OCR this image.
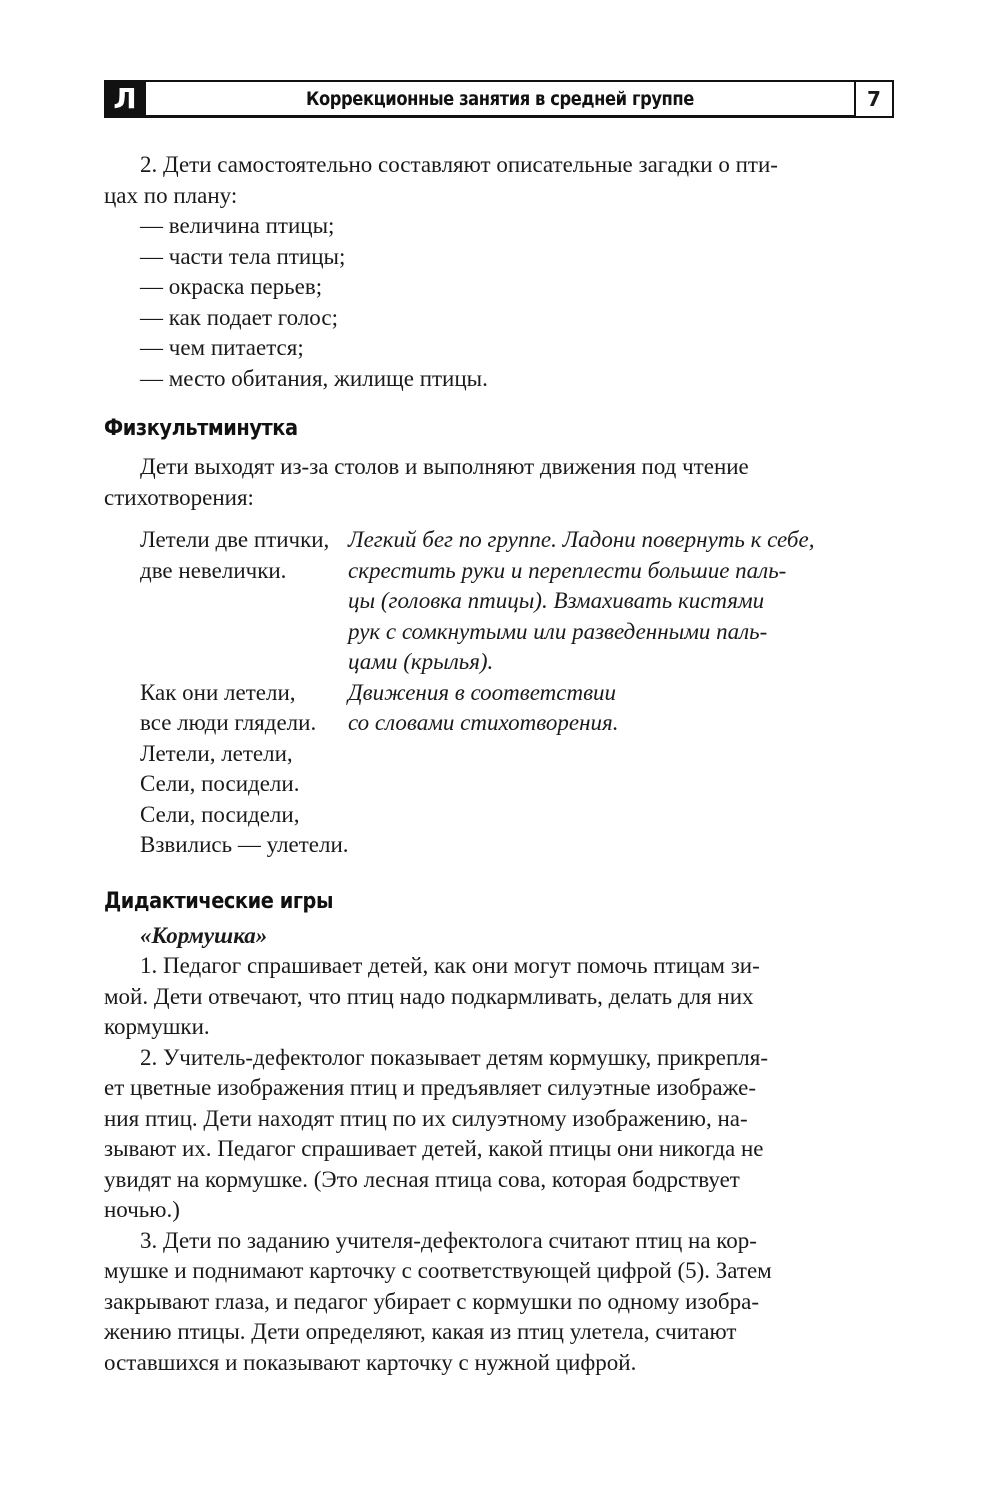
Л	Коррекционные занятия в средней группе	7
2. Дети самостоятельно составляют описательные загадки о пти-
цах по плану:
— величина птицы;
— части тела птицы;
— окраска перьев;
— как подает голос;
— чем питается;
— место обитания, жилище птицы.
Физкультминутка
Дети выходят из-за столов и выполняют движения под чтение
стихотворения:
Летели две птички,
две невелички.
Легкий бег по группе. Ладони повернуть к себе,
скрестить руки и переплести большие паль-
цы (головка птицы). Взмахивать кистями
рук с сомкнутыми или разведенными паль-
цами (крылья).
Как они летели,
все люди глядели.
Летели, летели,
Сели, посидели.
Сели, посидели,
Взвились — улетели.
Движения в соответствии
со словами стихотворения.
Дидактические игры
«Кормушка»
1. Педагог спрашивает детей, как они могут помочь птицам зи-
мой. Дети отвечают, что птиц надо подкармливать, делать для них
кормушки.
2. Учитель-дефектолог показывает детям кормушку, прикрепля-
ет цветные изображения птиц и предъявляет силуэтные изображе-
ния птиц. Дети находят птиц по их силуэтному изображению, на-
зывают их. Педагог спрашивает детей, какой птицы они никогда не
увидят на кормушке. (Это лесная птица сова, которая бодрствует
ночью.)
3. Дети по заданию учителя-дефектолога считают птиц на кор-
мушке и поднимают карточку с соответствующей цифрой (5). Затем
закрывают глаза, и педагог убирает с кормушки по одному изобра-
жению птицы. Дети определяют, какая из птиц улетела, считают
оставшихся и показывают карточку с нужной цифрой.
